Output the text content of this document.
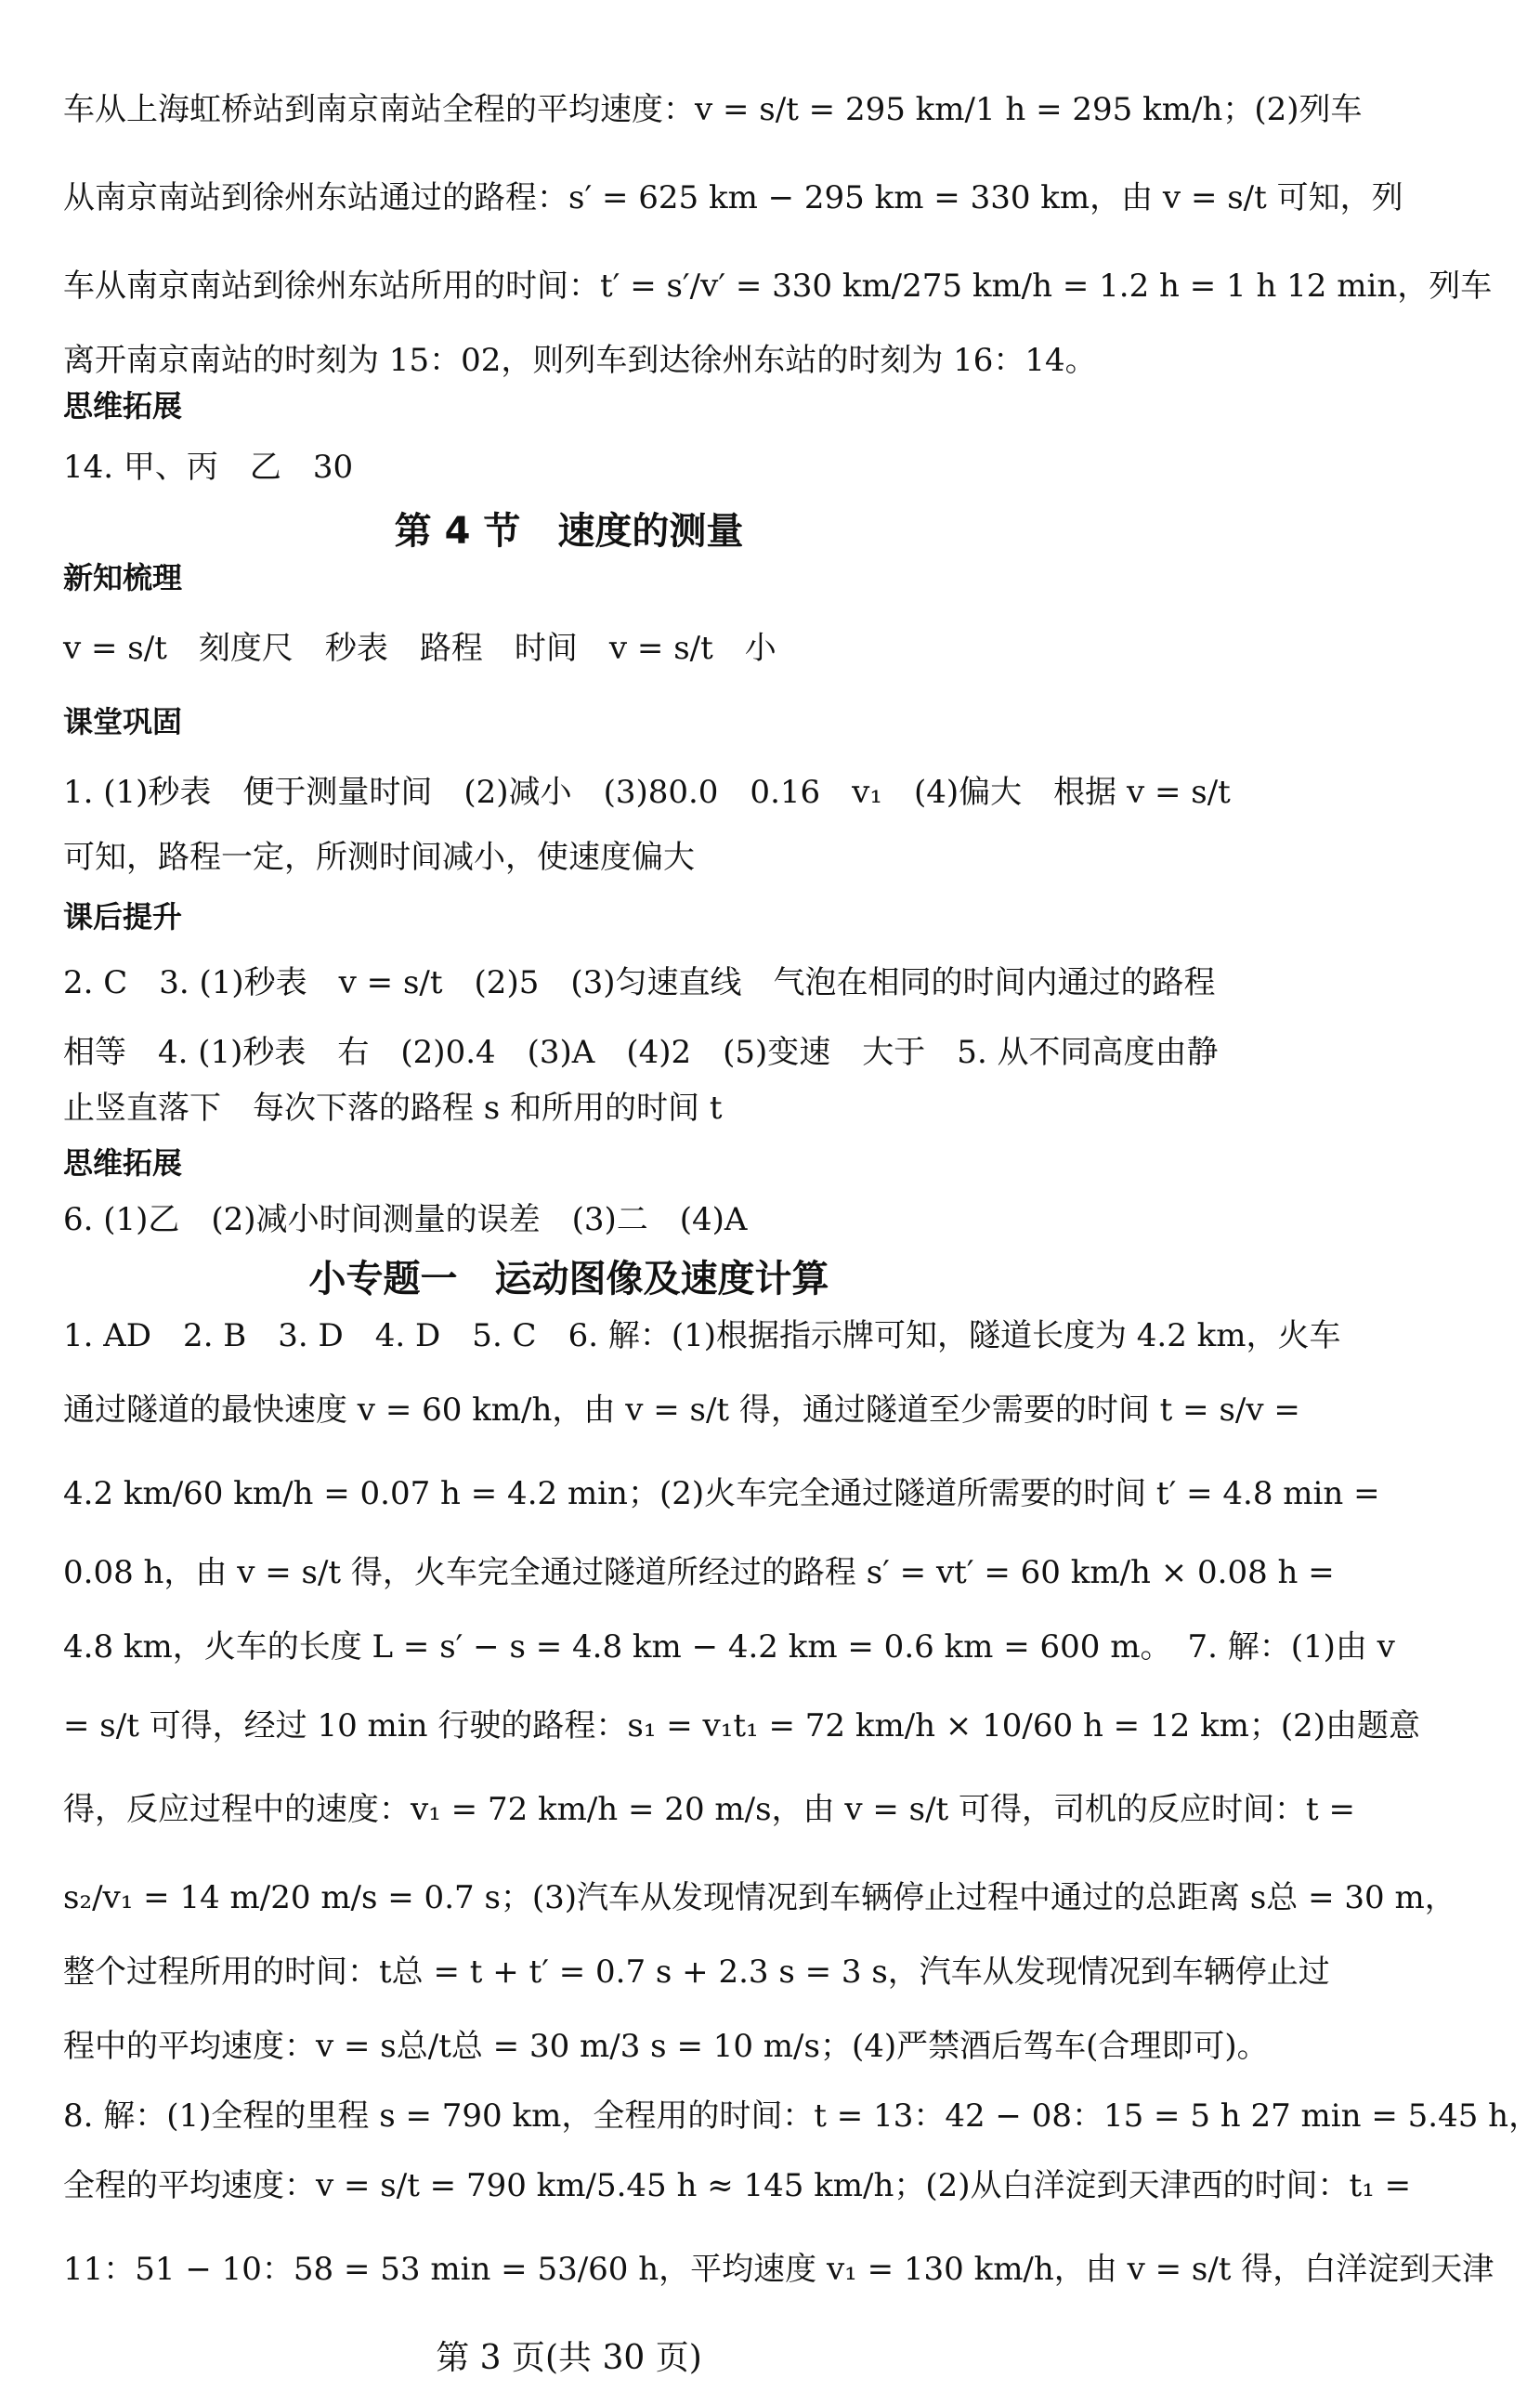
车从上海虹桥站到南京南站全程的平均速度：v = s/t = 295 km/1 h = 295 km/h；(2)列车
从南京南站到徐州东站通过的路程：s′ = 625 km − 295 km = 330 km，由 v = s/t 可知，列
车从南京南站到徐州东站所用的时间：t′ = s′/v′ = 330 km/275 km/h = 1.2 h = 1 h 12 min，列车
离开南京南站的时刻为 15：02，则列车到达徐州东站的时刻为 16：14。
思维拓展
14. 甲、丙　乙　30
第 4 节　速度的测量
新知梳理
v = s/t　刻度尺　秒表　路程　时间　v = s/t　小
课堂巩固
1. (1)秒表　便于测量时间　(2)减小　(3)80.0　0.16　v₁　(4)偏大　根据 v = s/t
可知，路程一定，所测时间减小，使速度偏大
课后提升
2. C　3. (1)秒表　v = s/t　(2)5　(3)匀速直线　气泡在相同的时间内通过的路程
相等　4. (1)秒表　右　(2)0.4　(3)A　(4)2　(5)变速　大于　5. 从不同高度由静
止竖直落下　每次下落的路程 s 和所用的时间 t
思维拓展
6. (1)乙　(2)减小时间测量的误差　(3)二　(4)A
小专题一　运动图像及速度计算
1. AD　2. B　3. D　4. D　5. C　6. 解：(1)根据指示牌可知，隧道长度为 4.2 km，火车
通过隧道的最快速度 v = 60 km/h，由 v = s/t 得，通过隧道至少需要的时间 t = s/v =
4.2 km/60 km/h = 0.07 h = 4.2 min；(2)火车完全通过隧道所需要的时间 t′ = 4.8 min =
0.08 h，由 v = s/t 得，火车完全通过隧道所经过的路程 s′ = vt′ = 60 km/h × 0.08 h =
4.8 km，火车的长度 L = s′ − s = 4.8 km − 4.2 km = 0.6 km = 600 m。　7. 解：(1)由 v
= s/t 可得，经过 10 min 行驶的路程：s₁ = v₁t₁ = 72 km/h × 10/60 h = 12 km；(2)由题意
得，反应过程中的速度：v₁ = 72 km/h = 20 m/s，由 v = s/t 可得，司机的反应时间：t =
s₂/v₁ = 14 m/20 m/s = 0.7 s；(3)汽车从发现情况到车辆停止过程中通过的总距离 s总 = 30 m，
整个过程所用的时间：t总 = t + t′ = 0.7 s + 2.3 s = 3 s，汽车从发现情况到车辆停止过
程中的平均速度：v = s总/t总 = 30 m/3 s = 10 m/s；(4)严禁酒后驾车(合理即可)。
8. 解：(1)全程的里程 s = 790 km，全程用的时间：t = 13：42 − 08：15 = 5 h 27 min = 5.45 h，
全程的平均速度：v = s/t = 790 km/5.45 h ≈ 145 km/h；(2)从白洋淀到天津西的时间：t₁ =
11：51 − 10：58 = 53 min = 53/60 h，平均速度 v₁ = 130 km/h，由 v = s/t 得，白洋淀到天津
第 3 页(共 30 页)
